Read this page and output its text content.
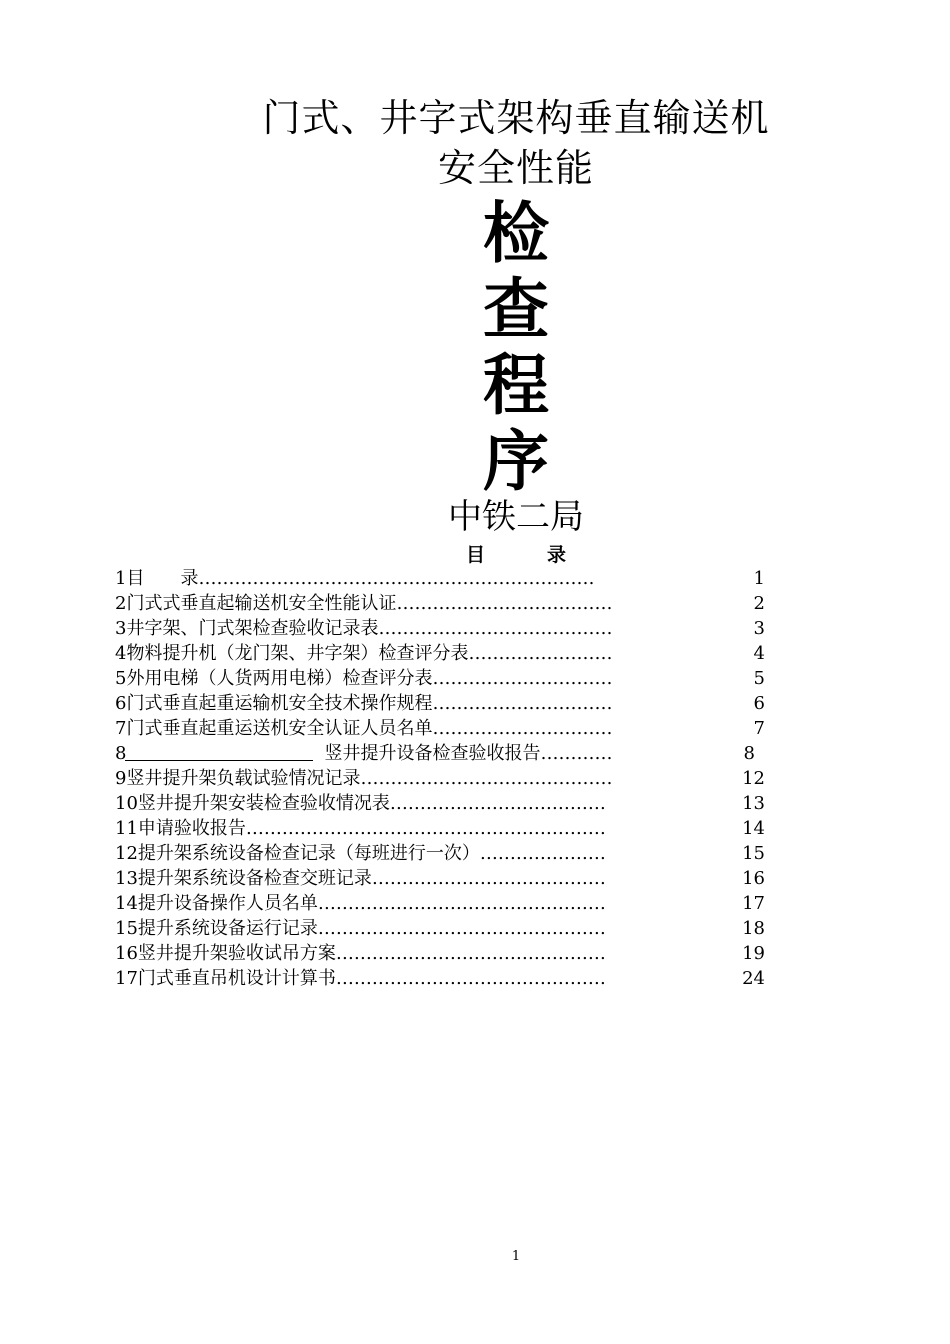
门式、井字式架构垂直输送机
安全性能
检
查
程
序
中铁二局
目录
1目　　录…………………………………………………………	1
2门式式垂直起输送机安全性能认证………………………………	2
3井字架、门式架检查验收记录表…………………………………	3
4物料提升机（龙门架、井字架）检查评分表……………………	4
5外用电梯（人货两用电梯）检查评分表…………………………	5
6门式垂直起重运输机安全技术操作规程…………………………	6
7门式垂直起重运送机安全认证人员名单…………………………	7
8　　　　　　　　　　　竖井提升设备检查验收报告…………	8
9竖井提升架负载试验情况记录……………………………………	12
10竖井提升架安装检查验收情况表………………………………	13
11申请验收报告……………………………………………………	14
12提升架系统设备检查记录（每班进行一次）…………………	15
13提升架系统设备检查交班记录…………………………………	16
14提升设备操作人员名单…………………………………………	17
15提升系统设备运行记录…………………………………………	18
16竖井提升架验收试吊方案………………………………………	19
17门式垂直吊机设计计算书………………………………………	24
1
